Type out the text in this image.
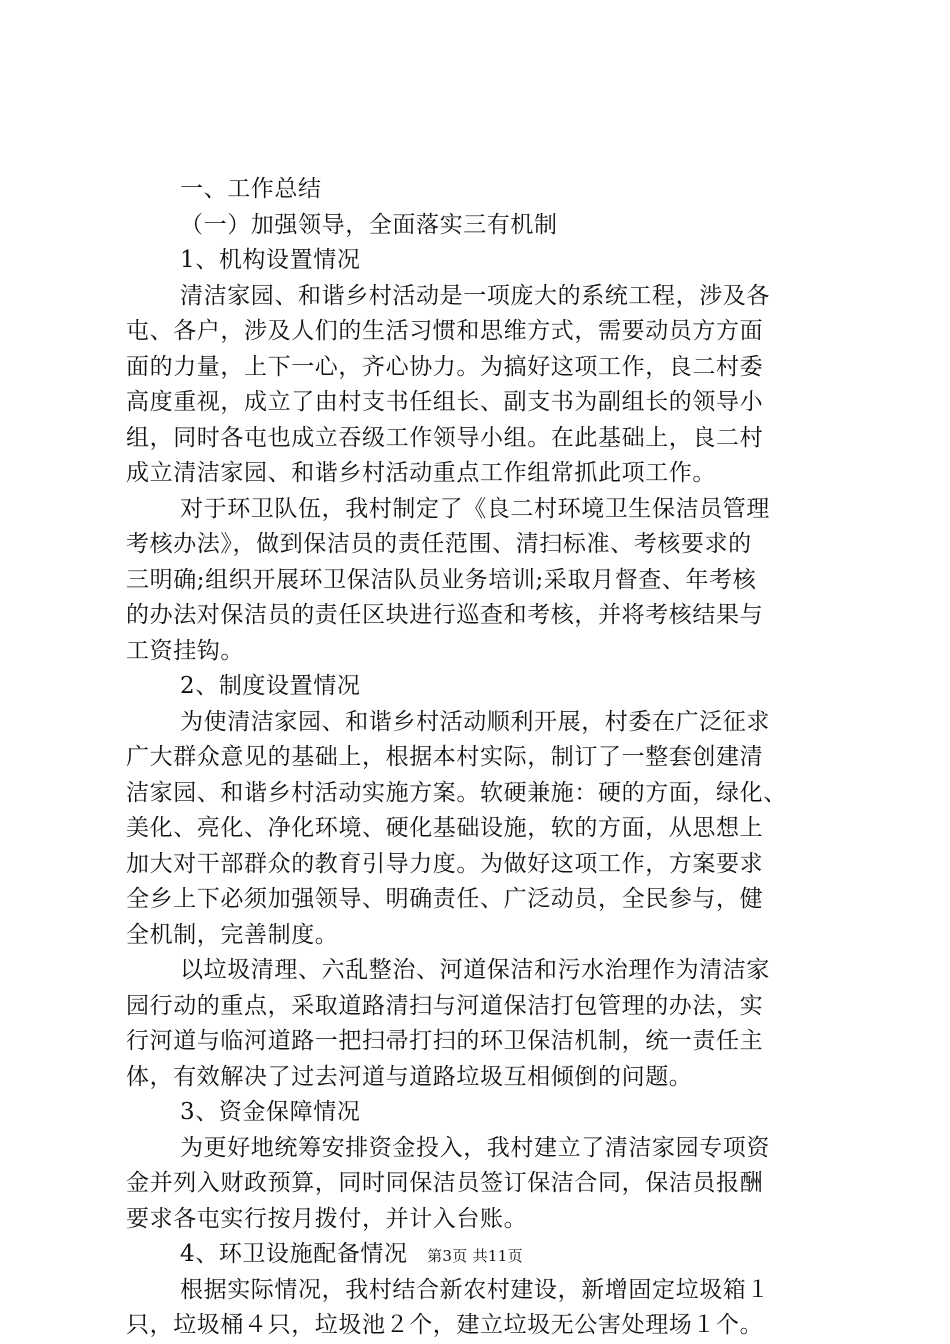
一、工作总结
（一）加强领导，全面落实三有机制
1、机构设置情况
清洁家园、和谐乡村活动是一项庞大的系统工程，涉及各
屯、各户，涉及人们的生活习惯和思维方式，需要动员方方面
面的力量，上下一心，齐心协力。为搞好这项工作，良二村委
高度重视，成立了由村支书任组长、副支书为副组长的领导小
组，同时各屯也成立吞级工作领导小组。在此基础上，良二村
成立清洁家园、和谐乡村活动重点工作组常抓此项工作。
对于环卫队伍，我村制定了《良二村环境卫生保洁员管理
考核办法》，做到保洁员的责任范围、清扫标准、考核要求的
三明确;组织开展环卫保洁队员业务培训;采取月督查、年考核
的办法对保洁员的责任区块进行巡查和考核，并将考核结果与
工资挂钩。
2、制度设置情况
为使清洁家园、和谐乡村活动顺利开展，村委在广泛征求
广大群众意见的基础上，根据本村实际，制订了一整套创建清
洁家园、和谐乡村活动实施方案。软硬兼施：硬的方面，绿化、
美化、亮化、净化环境、硬化基础设施，软的方面，从思想上
加大对干部群众的教育引导力度。为做好这项工作，方案要求
全乡上下必须加强领导、明确责任、广泛动员，全民参与，健
全机制，完善制度。
以垃圾清理、六乱整治、河道保洁和污水治理作为清洁家
园行动的重点，采取道路清扫与河道保洁打包管理的办法，实
行河道与临河道路一把扫帚打扫的环卫保洁机制，统一责任主
体，有效解决了过去河道与道路垃圾互相倾倒的问题。
3、资金保障情况
为更好地统筹安排资金投入，我村建立了清洁家园专项资
金并列入财政预算，同时同保洁员签订保洁合同，保洁员报酬
要求各屯实行按月拨付，并计入台账。
4、环卫设施配备情况
根据实际情况，我村结合新农村建设，新增固定垃圾箱１
只，垃圾桶４只，垃圾池２个，建立垃圾无公害处理场１个。
第3页 共11页
